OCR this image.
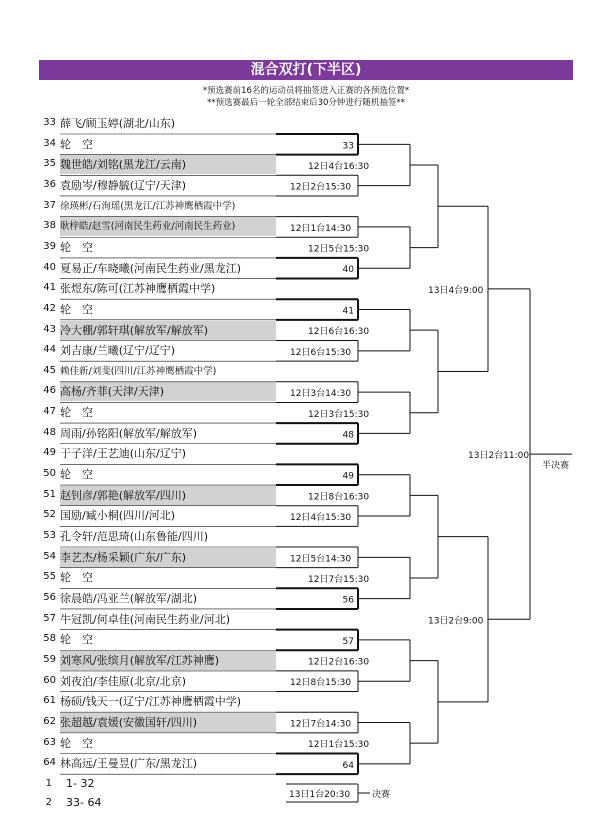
混合双打(下半区)
*预选赛前16名的运动员将抽签进入正赛的各预选位置*
**预选赛最后一轮全部结束后30分钟进行随机抽签**
33 薛飞/顾玉婷(湖北/山东)
34 轮　空
35 魏世皓/刘铭(黑龙江/云南)
36 袁励岑/穆静毓(辽宁/天津)
37 徐瑛彬/石洵瑶(黑龙江/江苏神鹰栖霞中学)
38 耿梓皓/赵雪(河南民生药业/河南民生药业)
39 轮　空
40 夏易正/车晓曦(河南民生药业/黑龙江)
41 张煜东/陈可(江苏神鹰栖霞中学)
42 轮　空
43 冷大棚/郭轩琪(解放军/解放军)
44 刘吉康/兰曦(辽宁/辽宁)
45 赖佳新/刘斐(四川/江苏神鹰栖霞中学)
46 高杨/齐菲(天津/天津)
47 轮　空
48 周雨/孙铭阳(解放军/解放军)
49 于子洋/王艺迪(山东/辽宁)
50 轮　空
51 赵钊彦/郭艳(解放军/四川)
52 国励/臧小桐(四川/河北)
53 孔令轩/范思琦(山东鲁能/四川)
54 李艺杰/杨采颖(广东/广东)
55 轮　空
56 徐晨皓/冯亚兰(解放军/湖北)
57 牛冠凯/何卓佳(河南民生药业/河北)
58 轮　空
59 刘寒风/张缤月(解放军/江苏神鹰)
60 刘夜泊/李佳原(北京/北京)
61 杨硕/钱天一(辽宁/江苏神鹰栖霞中学)
62 张超越/袁媛(安徽国轩/四川)
63 轮　空
64 林高远/王曼昱(广东/黑龙江)
33
12日2台15:30
12日1台14:30
40
41
12日6台15:30
12日3台14:30
48
49
12日4台15:30
12日5台14:30
56
57
12日8台15:30
12日7台14:30
64
12日4台16:30
12日5台15:30
12日6台16:30
12日3台15:30
12日8台16:30
12日7台15:30
12日2台16:30
12日1台15:30
13日4台9:00
13日2台9:00
13日2台11:00
半决赛
13日1台20:30 决赛
1 1- 32
2 33- 64
